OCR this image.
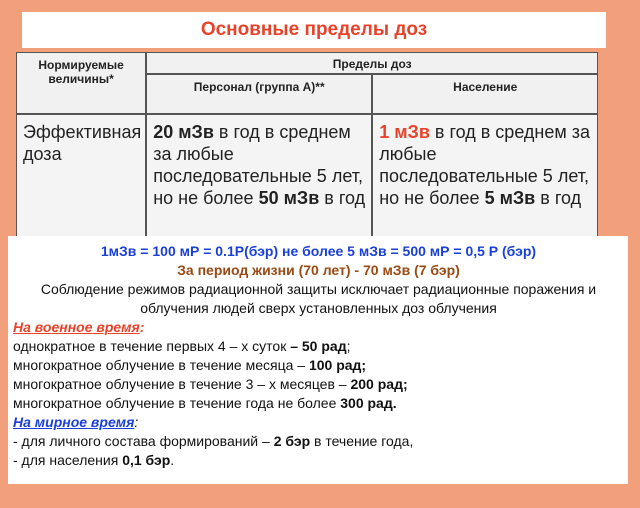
Основные пределы доз
Нормируемые величины*	Пределы доз	
	Персонал (группа А)**	Население
Эффективная доза	20 мЗв в год в среднем за любые последовательные 5 лет, но не более 50 мЗв в год	1 мЗв в год в среднем за любые последовательные 5 лет, но не более 5 мЗв в год
1мЗв = 100 мР = 0.1Р(бэр) не более 5 мЗв = 500 мР = 0,5 Р (бэр)
За период жизни (70 лет) - 70 мЗв (7 бэр)
Соблюдение режимов радиационной защиты исключает радиационные поражения и облучения людей сверх установленных доз облучения
На военное время:
однократное в течение первых 4 – х суток – 50 рад;
многократное облучение в течение месяца – 100 рад;
многократное облучение в течение 3 – х месяцев – 200 рад;
многократное облучение в течение года не более 300 рад.
На мирное время:
- для личного состава формирований – 2 бэр в течение года,
- для населения 0,1 бэр.
